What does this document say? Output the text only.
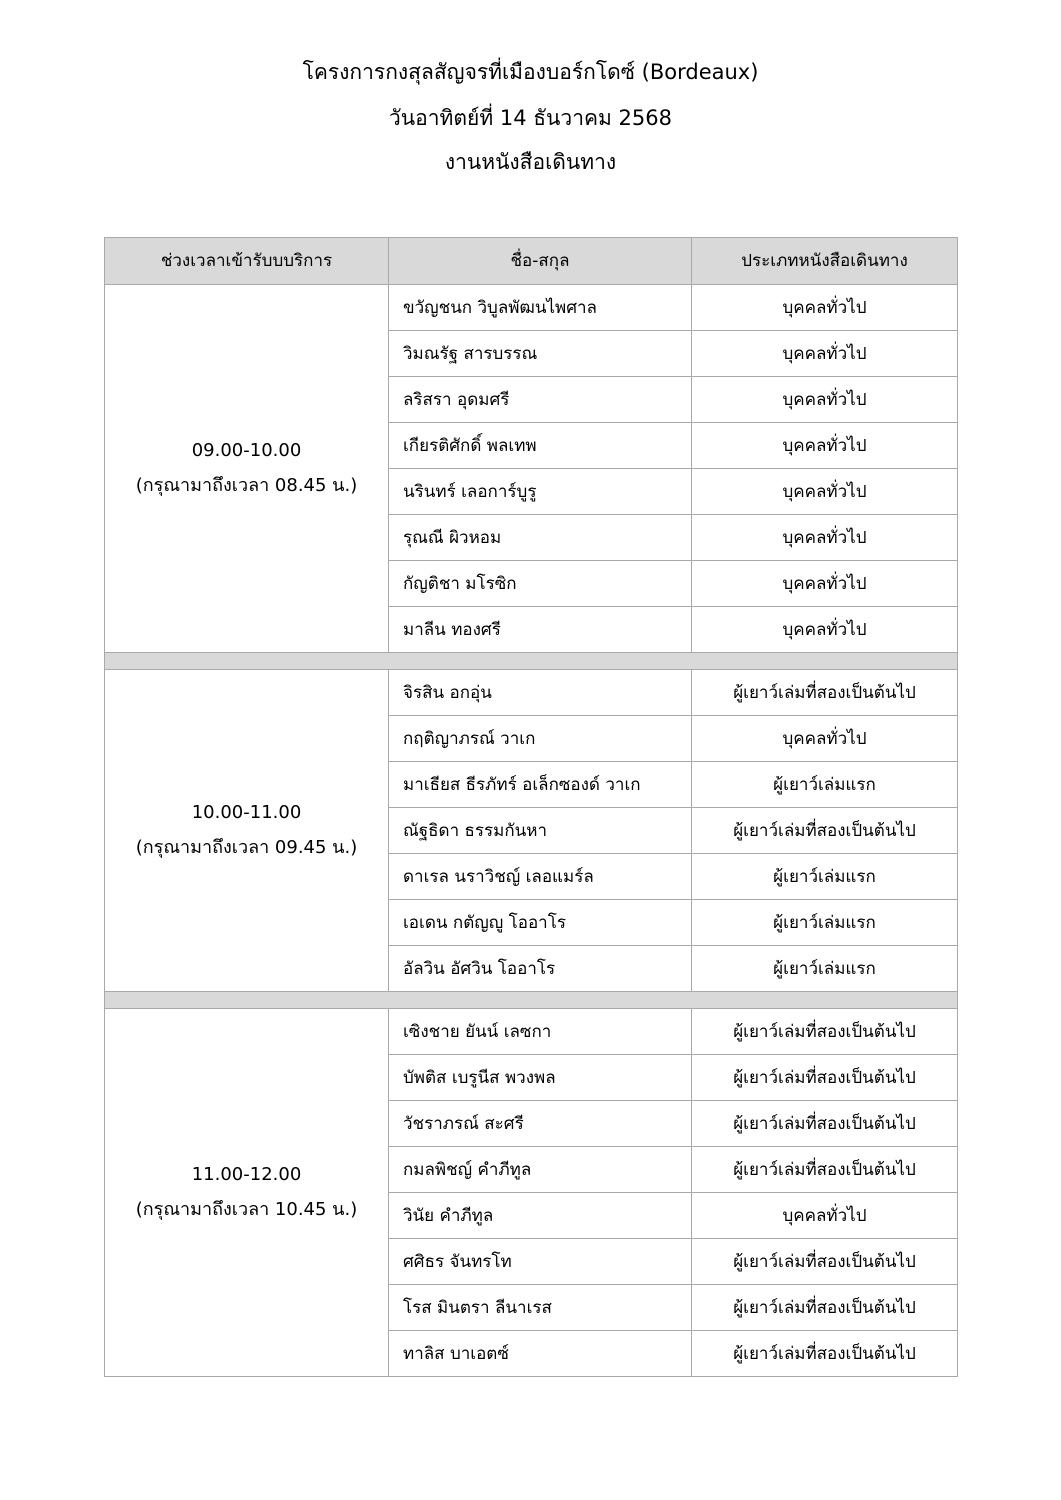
โครงการกงสุลสัญจรที่เมืองบอร์กโดซ์ (Bordeaux)

วันอาทิตย์ที่ 14 ธันวาคม 2568

งานหนังสือเดินทาง

ช่วงเวลาเข้ารับบบริการ	ชื่อ-สกุล	ประเภทหนังสือเดินทาง

09.00-10.00
(กรุณามาถึงเวลา 08.45 น.)	ขวัญชนก วิบูลพัฒนไพศาล	บุคคลทั่วไป
	วิมณรัฐ สารบรรณ	บุคคลทั่วไป
	ลริสรา อุดมศรี	บุคคลทั่วไป
	เกียรติศักดิ์ พลเทพ	บุคคลทั่วไป
	นรินทร์ เลอการ์บูรู	บุคคลทั่วไป
	รุณณี ผิวหอม	บุคคลทั่วไป
	กัญติชา มโรซิก	บุคคลทั่วไป
	มาลีน ทองศรี	บุคคลทั่วไป

10.00-11.00
(กรุณามาถึงเวลา 09.45 น.)	จิรสิน อกอุ่น	ผู้เยาว์เล่มที่สองเป็นต้นไป
	กฤติญาภรณ์ วาเก	บุคคลทั่วไป
	มาเธียส ธีรภัทร์ อเล็กซองด์ วาเก	ผู้เยาว์เล่มแรก
	ณัฐธิดา ธรรมกันหา	ผู้เยาว์เล่มที่สองเป็นต้นไป
	ดาเรล นราวิชญ์ เลอแมร์ล	ผู้เยาว์เล่มแรก
	เอเดน กตัญญู โออาโร	ผู้เยาว์เล่มแรก
	อัลวิน อัศวิน โออาโร	ผู้เยาว์เล่มแรก

11.00-12.00
(กรุณามาถึงเวลา 10.45 น.)	เซิงชาย ยันน์ เลซกา	ผู้เยาว์เล่มที่สองเป็นต้นไป
	บัพติส เบรูนีส พวงพล	ผู้เยาว์เล่มที่สองเป็นต้นไป
	วัชราภรณ์ สะศรี	ผู้เยาว์เล่มที่สองเป็นต้นไป
	กมลพิชญ์ คำภีทูล	ผู้เยาว์เล่มที่สองเป็นต้นไป
	วินัย คำภีทูล	บุคคลทั่วไป
	ศศิธร จันทรโท	ผู้เยาว์เล่มที่สองเป็นต้นไป
	โรส มินตรา ลีนาเรส	ผู้เยาว์เล่มที่สองเป็นต้นไป
	ทาลิส บาเอตซ์	ผู้เยาว์เล่มที่สองเป็นต้นไป
